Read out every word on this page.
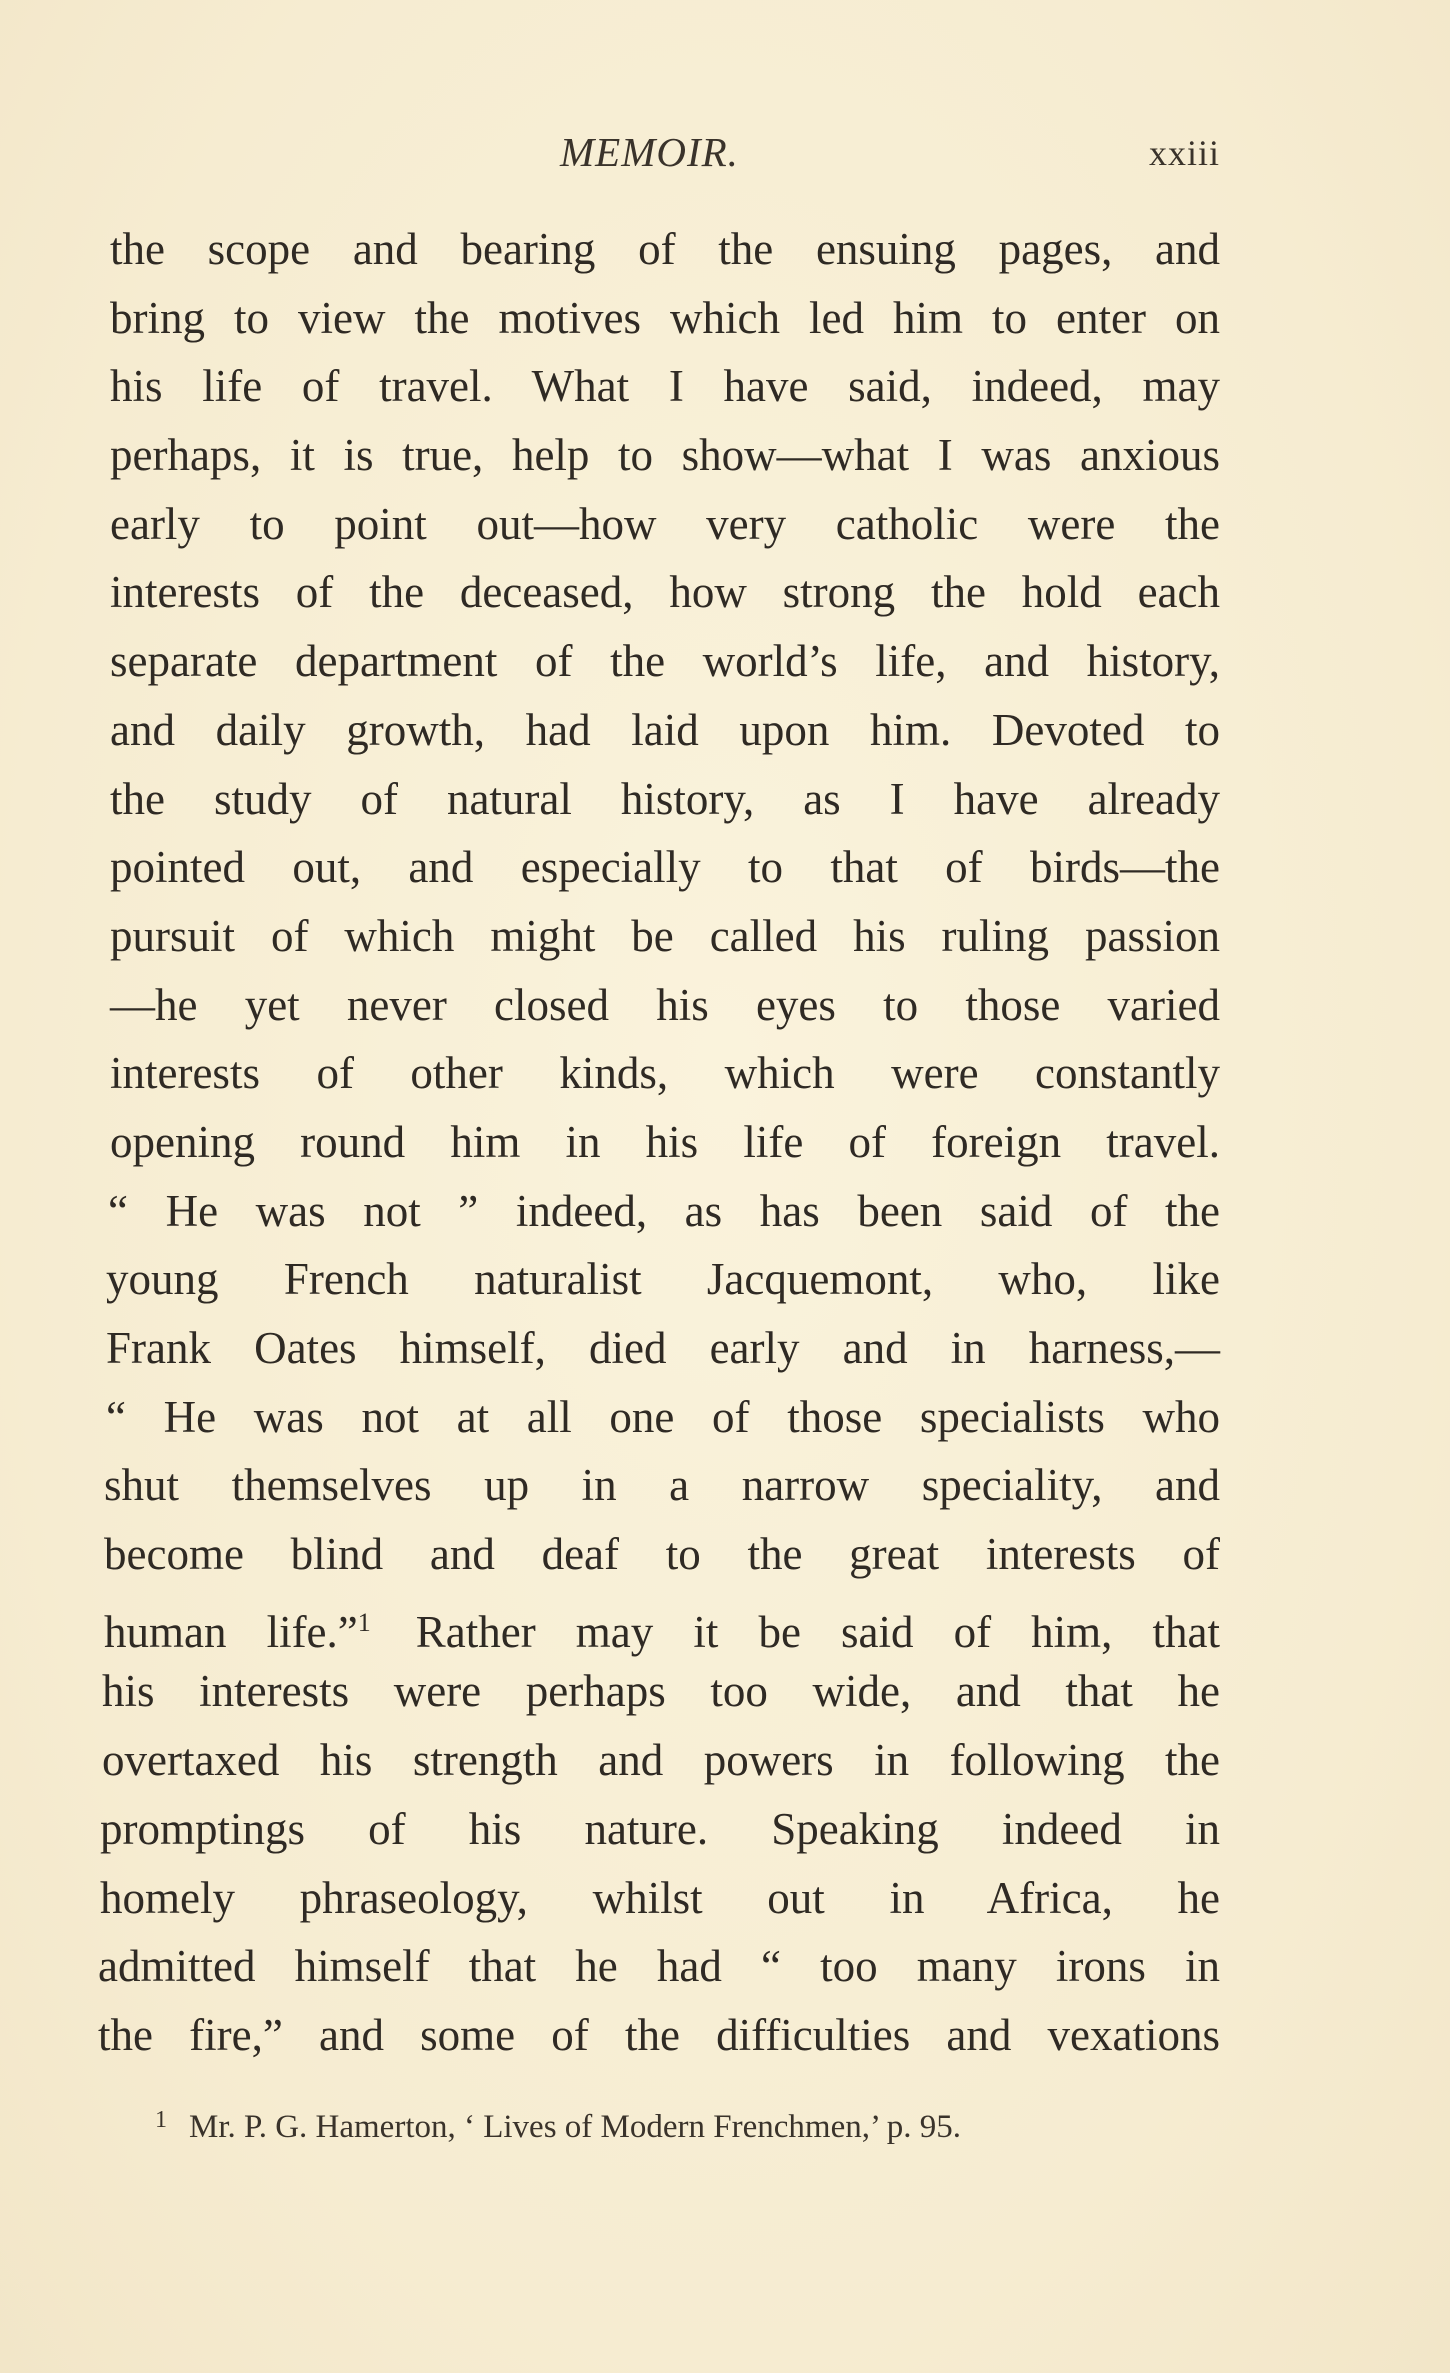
MEMOIR.	xxiii
the scope and bearing of the ensuing pages, and
bring to view the motives which led him to enter on
his life of travel. What I have said, indeed, may
perhaps, it is true, help to show—what I was anxious
early to point out—how very catholic were the
interests of the deceased, how strong the hold each
separate department of the world’s life, and history,
and daily growth, had laid upon him. Devoted to
the study of natural history, as I have already
pointed out, and especially to that of birds—the
pursuit of which might be called his ruling passion
—he yet never closed his eyes to those varied
interests of other kinds, which were constantly
opening round him in his life of foreign travel.
“ He was not ” indeed, as has been said of the
young French naturalist Jacquemont, who, like
Frank Oates himself, died early and in harness,—
“ He was not at all one of those specialists who
shut themselves up in a narrow speciality, and
become blind and deaf to the great interests of
human life.”$^1$  Rather may it be said of him, that
his interests were perhaps too wide, and that he
overtaxed his strength and powers in following the
promptings of his nature. Speaking indeed in
homely phraseology, whilst out in Africa, he
admitted himself that he had “ too many irons in
the fire,” and some of the difficulties and vexations
1 Mr. P. G. Hamerton, ‘ Lives of Modern Frenchmen,’ p. 95.
